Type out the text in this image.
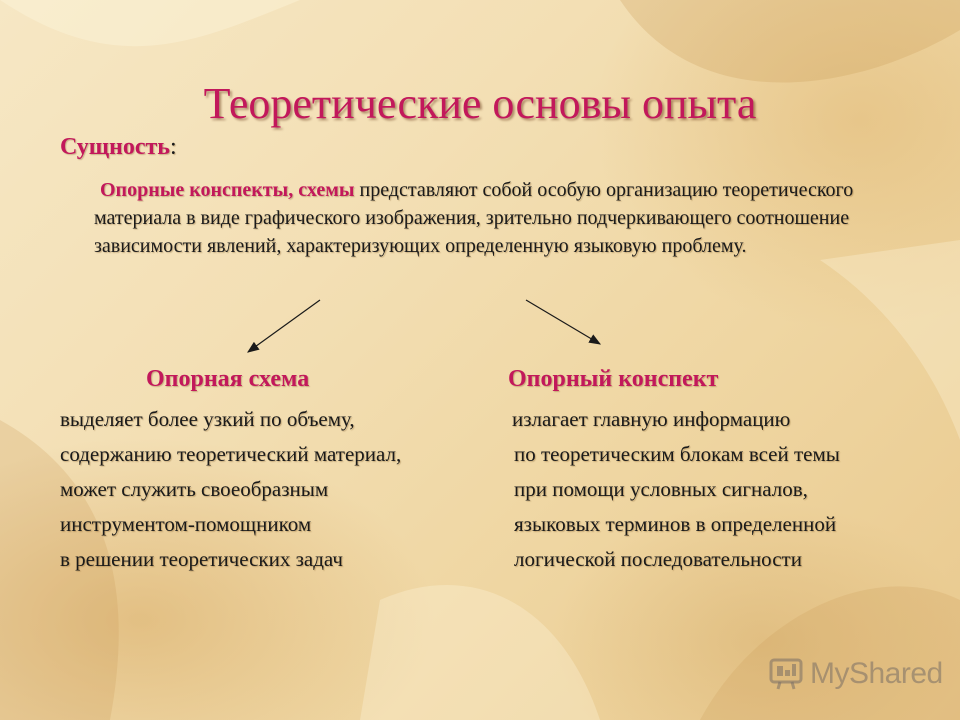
Теоретические основы опыта
Сущность:
Опорные конспекты, схемы представляют собой особую организацию теоретического материала в виде графического изображения, зрительно подчеркивающего соотношение зависимости явлений, характеризующих определенную языковую проблему.
Опорная схема	Опорный конспект
выделяет более узкий по объему,
содержанию теоретический материал,
может служить своеобразным
инструментом-помощником
в решении теоретических задач
излагает главную информацию
по теоретическим блокам всей темы
при помощи условных сигналов,
языковых терминов в определенной
логической последовательности
MyShared
